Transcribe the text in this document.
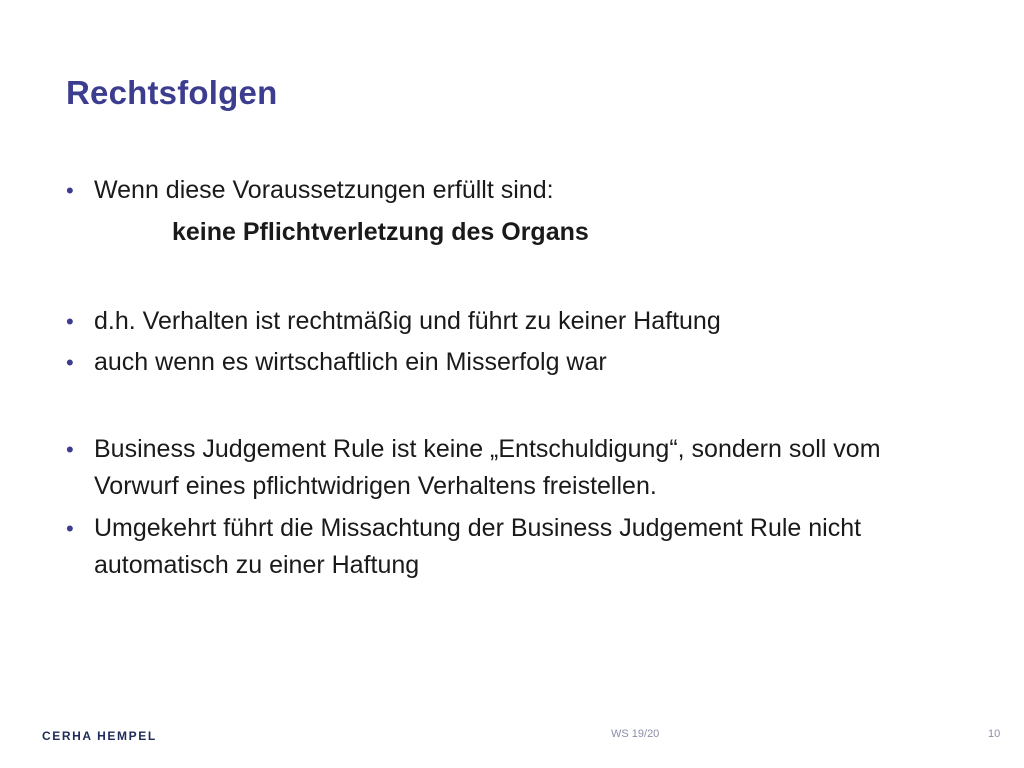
Rechtsfolgen
• Wenn diese Voraussetzungen erfüllt sind:
• d.h. Verhalten ist rechtmäßig und führt zu keiner Haftung
• auch wenn es wirtschaftlich ein Misserfolg war
• Business Judgement Rule ist keine „Entschuldigung“, sondern soll vom Vorwurf eines pflichtwidrigen Verhaltens freistellen.
• Umgekehrt führt die Missachtung der Business Judgement Rule nicht automatisch zu einer Haftung
keine Pflichtverletzung des Organs
CERHA HEMPEL	WS 19/20	10
